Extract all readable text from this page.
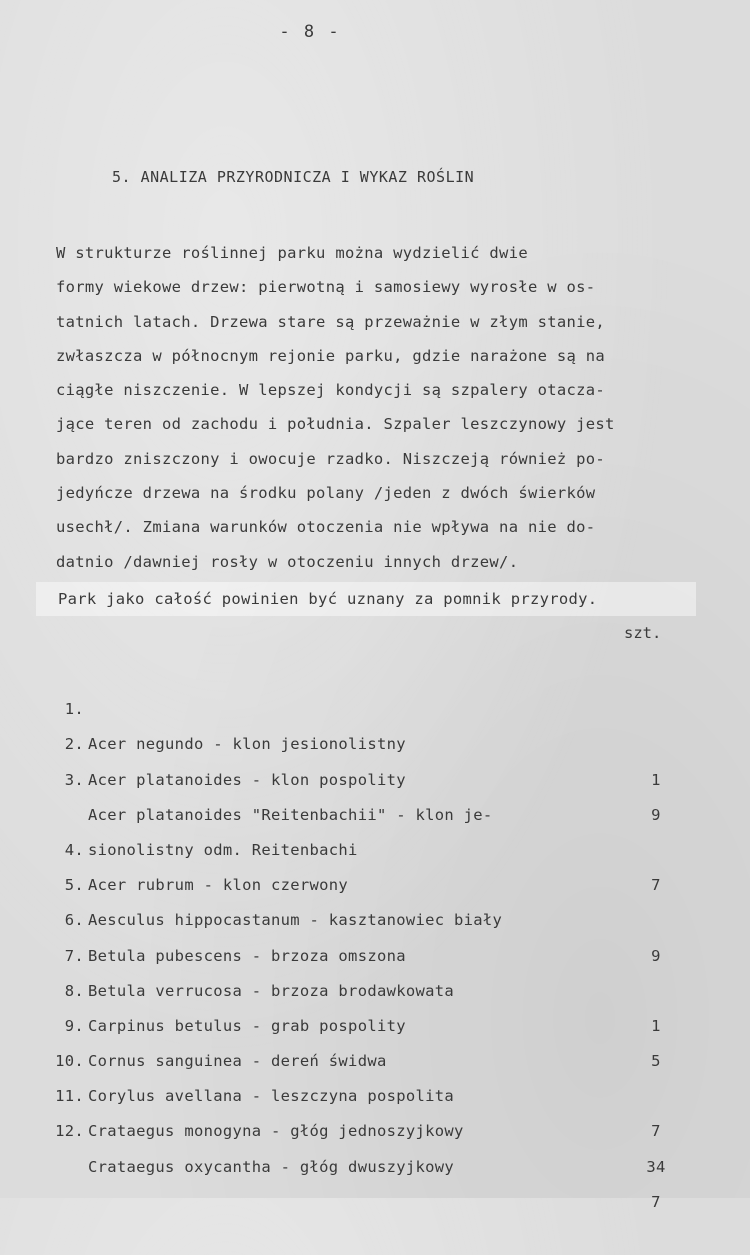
- 8 -
5. ANALIZA PRZYRODNICZA I WYKAZ ROŚLIN
W strukturze roślinnej parku można wydzielić dwie
formy wiekowe drzew: pierwotną i samosiewy wyrosłe w os-
tatnich latach. Drzewa stare są przeważnie w złym stanie,
zwłaszcza w północnym rejonie parku, gdzie narażone są na
ciągłe niszczenie. W lepszej kondycji są szpalery otacza-
jące teren od zachodu i południa. Szpaler leszczynowy jest
bardzo zniszczony i owocuje rzadko. Niszczeją również po-
jedyńcze drzewa na środku polany /jeden z dwóch świerków
usechł/. Zmiana warunków otoczenia nie wpływa na nie do-
datnio /dawniej rosły w otoczeniu innych drzew/.
Park jako całość powinien być uznany za pomnik przyrody.
szt.

1.

Acer negundo - klon jesionolistny

1

2.

Acer platanoides - klon pospolity

9

3.

Acer platanoides "Reitenbachii" - klon je-

sionolistny odm. Reitenbachi

7

4.

Acer rubrum - klon czerwony

5.

Aesculus hippocastanum - kasztanowiec biały

9

6.

Betula pubescens - brzoza omszona

7.

Betula verrucosa - brzoza brodawkowata

1

8.

Carpinus betulus - grab pospolity

5

9.

Cornus sanguinea - dereń świdwa

10.

Corylus avellana - leszczyna pospolita

7

11.

Crataegus monogyna - głóg jednoszyjkowy

34

12.

Crataegus oxycantha - głóg dwuszyjkowy

7
